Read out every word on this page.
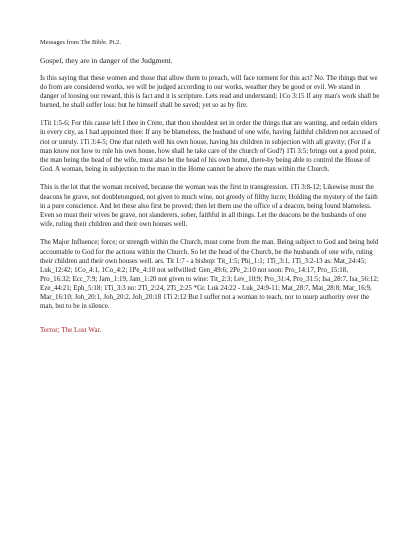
Messages from The Bible. Pt.2.
Gospel, they are in danger of the Judgment.
Is this saying that these women and those that allow them to preach, will face torment for this act? No. The things that we do from are considered works, we will be judged according to our works, weather they be good or evil. We stand in danger of loosing our reward, this is fact and it is scripture. Lets read and understand; 1Co 3:15 If any man's work shall be burned, he shall suffer loss: but he himself shall be saved; yet so as by fire.
1Tit 1:5-6; For this cause left I thee in Crete, that thou shouldest set in order the things that are wanting, and ordain elders in every city, as I had appointed thee: If any be blameless, the husband of one wife, having faithful children not accused of riot or unruly. 1Ti 3:4-5; One that ruleth well his own house, having his children in subjection with all gravity; (For if a man know not how to rule his own house, how shall he take care of the church of God?) 1Ti 3:5; brings out a good point, the man being the head of the wife, must also be the head of his own home, there-by being able to control the House of God. A woman, being in subjection to the man in the Home cannot be above the man within the Church.
This is the lot that the woman received, because the woman was the first in transgression. 1Ti 3:8-12; Likewise must the deacons be grave, not doubletongued, not given to much wine, not greedy of filthy lucre; Holding the mystery of the faith in a pure conscience. And let these also first be proved; then let them use the office of a deacon, being found blameless. Even so must their wives be grave, not slanderers, sober, faithful in all things. Let the deacons be the husbands of one wife, ruling their children and their own houses well.
The Major Influence; force; or strength within the Church, must come from the man. Being subject to God and being held accountable to God for the actions within the Church. So let the head of the Church, be the husbands of one wife, ruling their children and their own houses well. ars. Tit 1:7 - a bishop: Tit_1:5; Phi_1:1; 1Ti_3:1, 1Ti_3:2-13 as: Mat_24:45; Luk_12:42; 1Co_4:1, 1Co_4:2; 1Pe_4:10 not selfwilled: Gen_49:6; 2Pe_2:10 not soon: Pro_14:17, Pro_15:18, Pro_16:32; Ecc_7:9; Jam_1:19, Jam_1:20 not given to wine: Tit_2:3; Lev_10:9; Pro_31:4, Pro_31:5; Isa_28:7, Isa_56:12; Eze_44:21; Eph_5:18; 1Ti_3:3 no: 2Ti_2:24, 2Ti_2:25 *Gr. Luk 24:22 - Luk_24:9-11; Mat_28:7, Mat_28:8; Mar_16:9, Mar_16:10; Joh_20:1, Joh_20:2, Joh_20:18 1Ti 2:12 But I suffer not a woman to teach, nor to usurp authority over the man, but to be in silence.
Terror; The Lost War.
